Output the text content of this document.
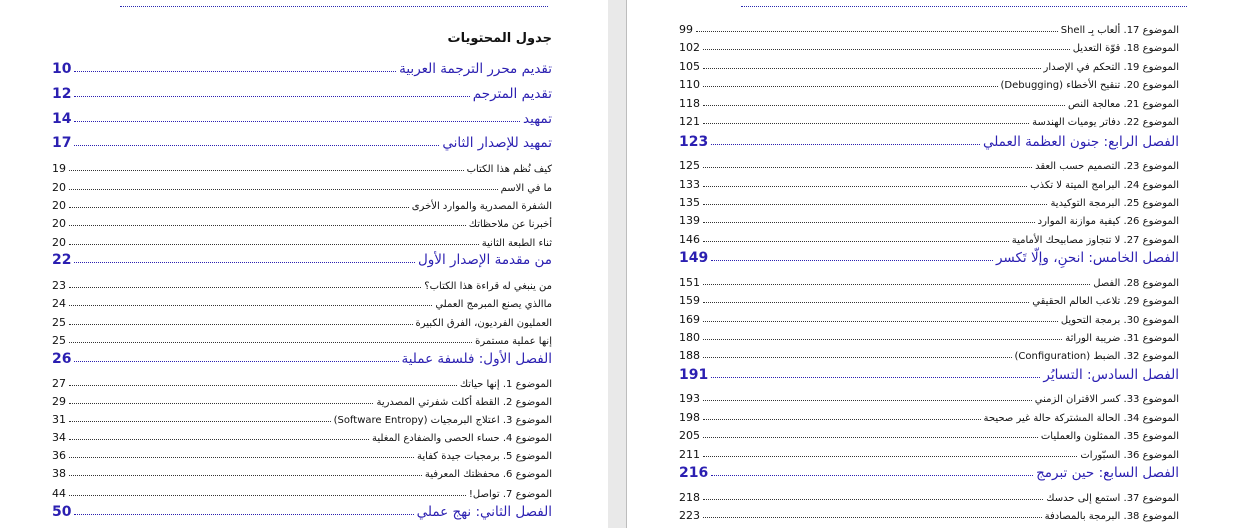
جدول المحتويات
تقديم محرر الترجمة العربية
10
تقديم المترجم
12
تمهيد
14
تمهيد للإصدار الثاني
17
كيف نُظم هذا الكتاب
19
ما في الاسم
20
الشفرة المصدرية والموارد الأخرى
20
أخبرنا عن ملاحظاتك
20
ثناء الطبعة الثانية
20
من مقدمة الإصدار الأول
22
من ينبغي له قراءة هذا الكتاب؟
23
ماالذي يصنع المبرمج العملي
24
العمليون الفرديون، الفرق الكبيرة
25
إنها عملية مستمرة
25
الفصل الأول: فلسفة عملية
26
الموضوع 1. إنها حياتك
27
الموضوع 2. القطة أكلت شفرتي المصدرية
29
الموضوع 3. اعتلاج البرمجيات (Software Entropy)
31
الموضوع 4. حساء الحصى والضفادع المغلية
34
الموضوع 5. برمجيات جيدة كفاية
36
الموضوع 6. محفظتك المعرفية
38
الموضوع 7. تواصل!
44
الفصل الثاني: نهج عملي
50
الموضوع 17. ألعاب بِـ Shell
99
الموضوع 18. قوّة التعديل
102
الموضوع 19. التحكم في الإصدار
105
الموضوع 20. تنقيح الأخطاء (Debugging)
110
الموضوع 21. معالجة النص
118
الموضوع 22. دفاتر يوميات الهندسة
121
الفصل الرابع: جنون العظمة العملي
123
الموضوع 23. التصميم حسب العقد
125
الموضوع 24. البرامج الميتة لا تكذب
133
الموضوع 25. البرمجة التوكيدية
135
الموضوع 26. كيفية موازنة الموارد
139
الموضوع 27. لا تتجاوز مصابيحك الأمامية
146
الفصل الخامس: انحنِ، وإلّا تَكسر
149
الموضوع 28. الفصل
151
الموضوع 29. تلاعب العالم الحقيقي
159
الموضوع 30. برمجة التحويل
169
الموضوع 31. ضريبة الوراثة
180
الموضوع 32. الضبط (Configuration)
188
الفصل السادس: التسايُر
191
الموضوع 33. كسر الاقتران الزمني
193
الموضوع 34. الحالة المشتركة حالة غير صحيحة
198
الموضوع 35. الممثلون والعمليات
205
الموضوع 36. السبّورات
211
الفصل السابع: حين تبرمج
216
الموضوع 37. استمع إلى حدسك
218
الموضوع 38. البرمجة بالمصادفة
223
